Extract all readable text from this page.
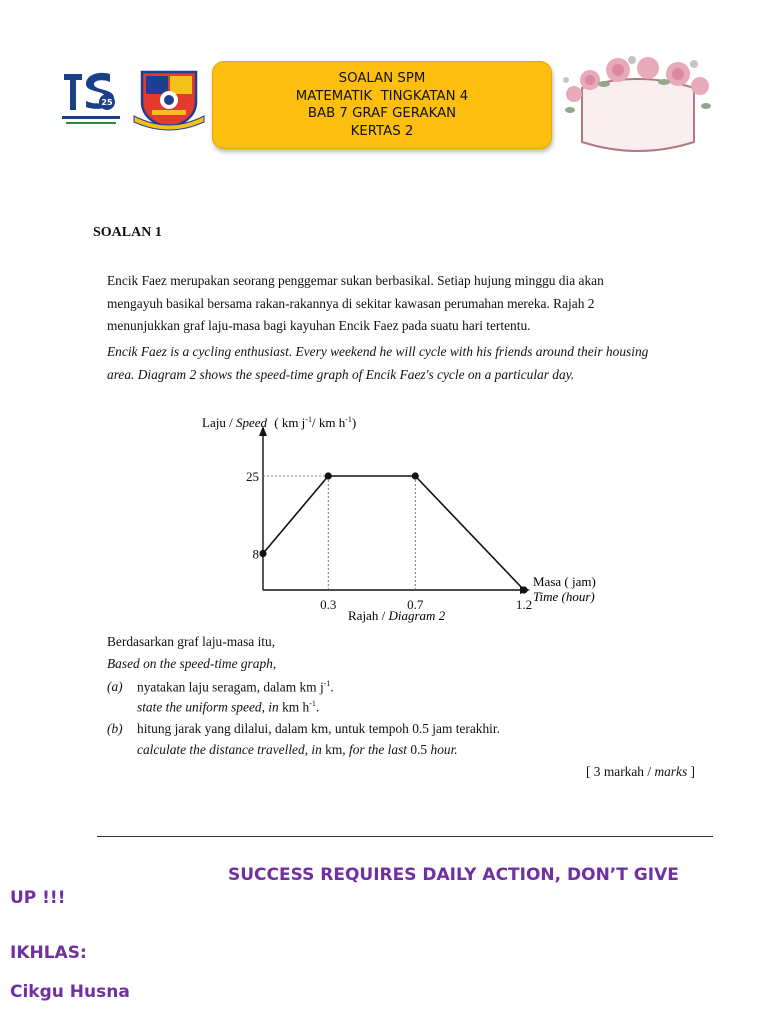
25
SOALAN SPM
MATEMATIK  TINGKATAN 4
BAB 7 GRAF GERAKAN
KERTAS 2
SOALAN 1
Encik Faez merupakan seorang penggemar sukan berbasikal. Setiap hujung minggu dia akan
mengayuh basikal bersama rakan-rakannya di sekitar kawasan perumahan mereka. Rajah 2
menunjukkan graf laju-masa bagi kayuhan Encik Faez pada suatu hari tertentu.
Encik Faez is a cycling enthusiast. Every weekend he will cycle with his friends around their housing
area. Diagram 2 shows the speed-time graph of Encik Faez's cycle on a particular day.
0.3	0.7	1.2
8
25
Laju / Speed ( km $j^{-1}/$ km $h^{-1}$)
Masa ( jam)
Time (hour)
Rajah / Diagram 2
Berdasarkan graf laju-masa itu,
Based on the speed-time graph,
(a) nyatakan laju seragam, dalam km $j^{-1}$.
state the uniform speed, in km $h^{-1}$.
(b) hitung jarak yang dilalui, dalam km, untuk tempoh 0.5 jam terakhir.
calculate the distance travelled, in km, for the last 0.5 hour.
[ 3 markah / marks ]
SUCCESS REQUIRES DAILY ACTION, DON’T GIVE
UP !!!
IKHLAS:
Cikgu Husna
